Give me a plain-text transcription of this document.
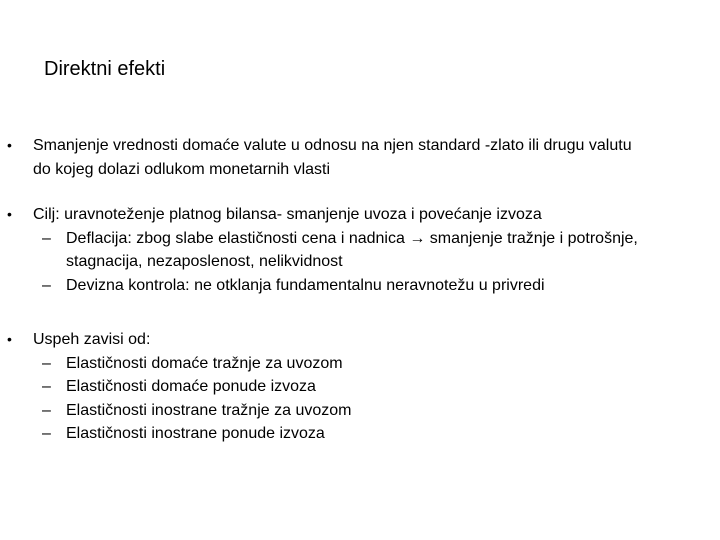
Direktni efekti
• Smanjenje vrednosti domaće valute u odnosu na njen standard -zlato ili drugu valutu
do kojeg dolazi odlukom monetarnih vlasti
• Cilj: uravnoteženje platnog bilansa- smanjenje uvoza i povećanje izvoza
– Deflacija: zbog slabe elastičnosti cena i nadnica → smanjenje tražnje i potrošnje,
stagnacija, nezaposlenost, nelikvidnost
– Devizna kontrola: ne otklanja fundamentalnu neravnotežu u privredi
• Uspeh zavisi od:
– Elastičnosti domaće tražnje za uvozom
– Elastičnosti domaće ponude izvoza
– Elastičnosti inostrane tražnje za uvozom
– Elastičnosti inostrane ponude izvoza
